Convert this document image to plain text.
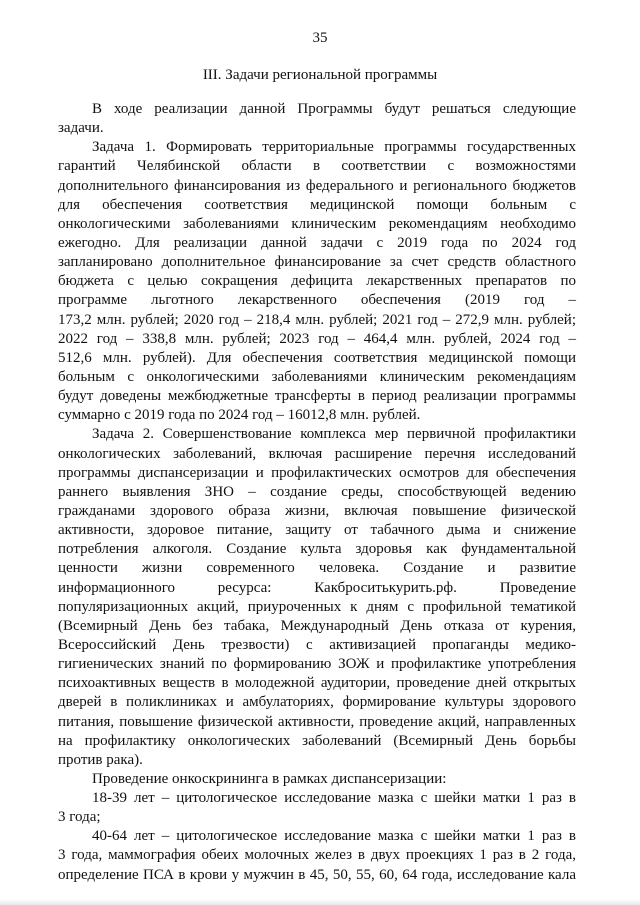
35
III. Задачи региональной программы
В ходе реализации данной Программы будут решаться следующие
задачи.
Задача 1. Формировать территориальные программы государственных
гарантий Челябинской области в соответствии с возможностями
дополнительного финансирования из федерального и регионального бюджетов
для обеспечения соответствия медицинской помощи больным с
онкологическими заболеваниями клиническим рекомендациям необходимо
ежегодно. Для реализации данной задачи с 2019 года по 2024 год
запланировано дополнительное финансирование за счет средств областного
бюджета с целью сокращения дефицита лекарственных препаратов по
программе льготного лекарственного обеспечения (2019 год –
173,2 млн. рублей; 2020 год – 218,4 млн. рублей; 2021 год – 272,9 млн. рублей;
2022 год – 338,8 млн. рублей; 2023 год – 464,4 млн. рублей, 2024 год –
512,6 млн. рублей). Для обеспечения соответствия медицинской помощи
больным с онкологическими заболеваниями клиническим рекомендациям
будут доведены межбюджетные трансферты в период реализации программы
суммарно с 2019 года по 2024 год – 16012,8 млн. рублей.
Задача 2. Совершенствование комплекса мер первичной профилактики
онкологических заболеваний, включая расширение перечня исследований
программы диспансеризации и профилактических осмотров для обеспечения
раннего выявления ЗНО – создание среды, способствующей ведению
гражданами здорового образа жизни, включая повышение физической
активности, здоровое питание, защиту от табачного дыма и снижение
потребления алкоголя. Создание культа здоровья как фундаментальной
ценности жизни современного человека. Создание и развитие
информационного ресурса: Какброситькурить.рф. Проведение
популяризационных акций, приуроченных к дням с профильной тематикой
(Всемирный День без табака, Международный День отказа от курения,
Всероссийский День трезвости) с активизацией пропаганды медико-
гигиенических знаний по формированию ЗОЖ и профилактике употребления
психоактивных веществ в молодежной аудитории, проведение дней открытых
дверей в поликлиниках и амбулаториях, формирование культуры здорового
питания, повышение физической активности, проведение акций, направленных
на профилактику онкологических заболеваний (Всемирный День борьбы
против рака).
Проведение онкоскрининга в рамках диспансеризации:
18-39 лет – цитологическое исследование мазка с шейки матки 1 раз в
3 года;
40-64 лет – цитологическое исследование мазка с шейки матки 1 раз в
3 года, маммография обеих молочных желез в двух проекциях 1 раз в 2 года,
определение ПСА в крови у мужчин в 45, 50, 55, 60, 64 года, исследование кала
